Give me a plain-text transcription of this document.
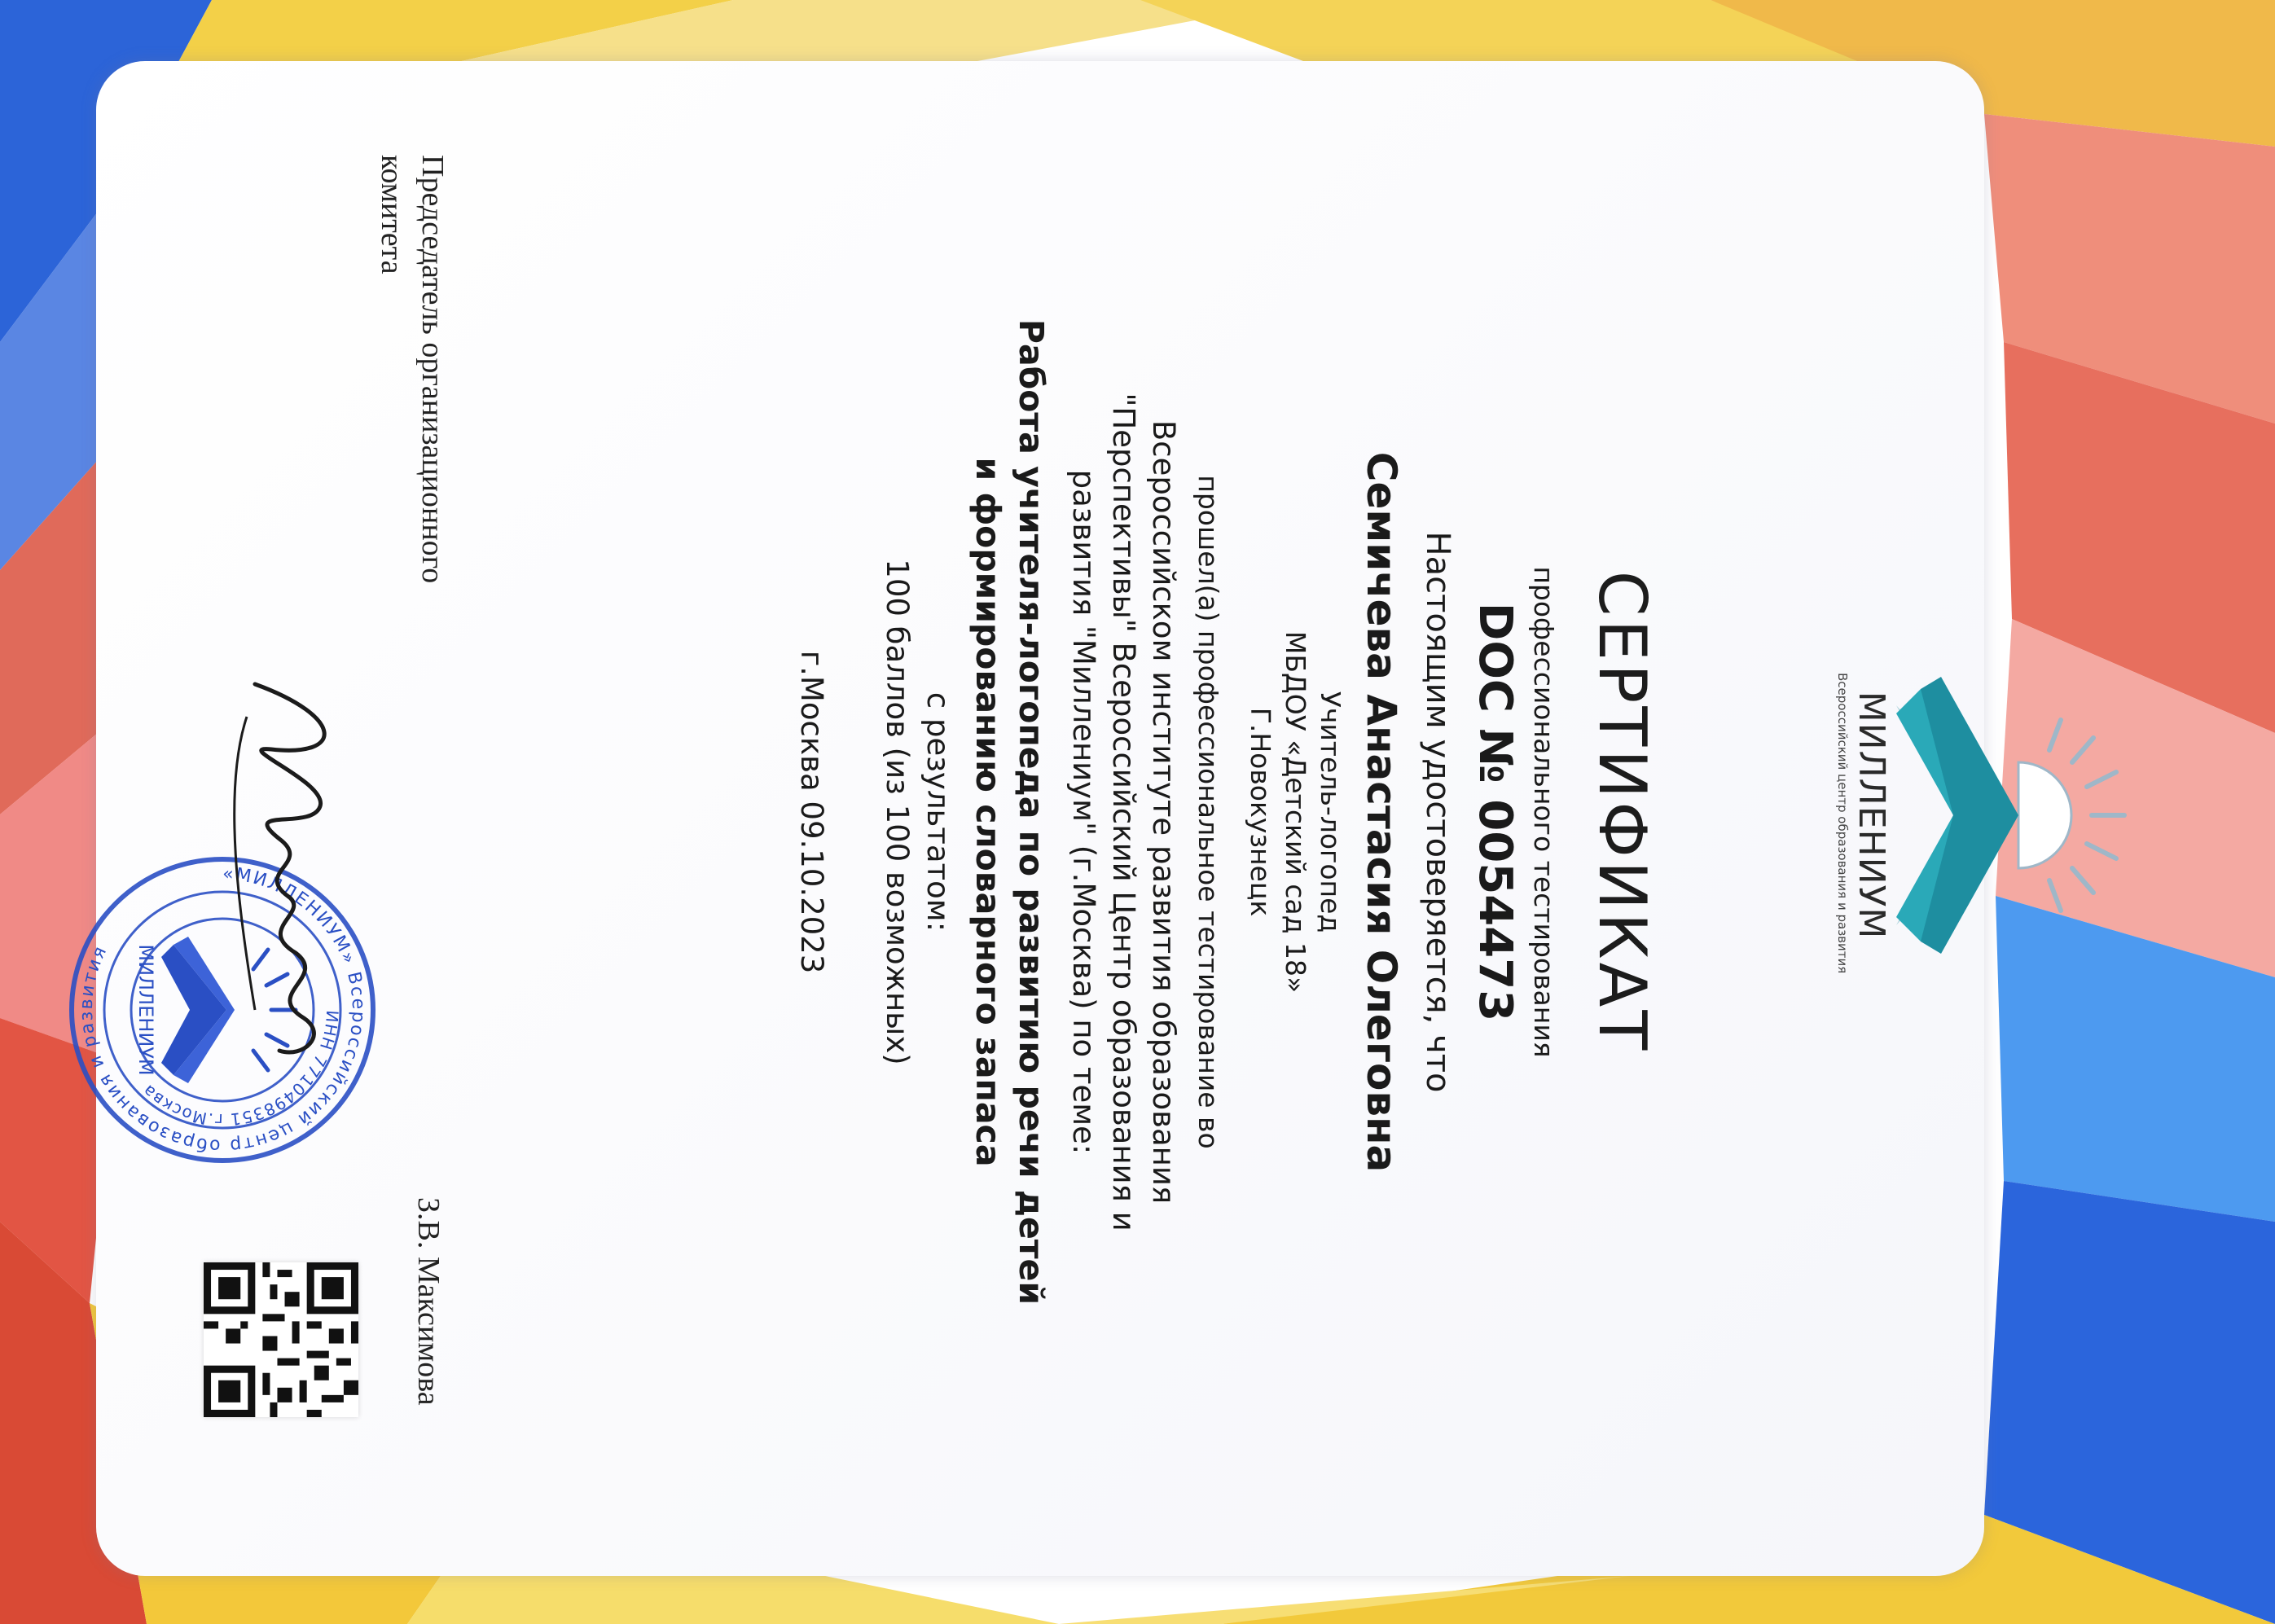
МИЛЛЕНИУМ
Всероссийский центр образования и развития
СЕРТИФИКАТ
профессионального тестирования
DOC № 0054473
Настоящим удостоверяется, что
Семичева Анастасия Олеговна
Учитель-логопед
МБДОУ «Детский сад 18»
Г.Новокузнецк
прошел(а) профессиональное тестирование во
Всероссийском институте развития образования
"Перспективы" Всероссийский Центр образования и
развития "Миллениум" (г.Москва) по теме:
Работа учителя-логопеда по развитию речи детей
и формированию словарного запаса
с результатом:
100 баллов (из 100 возможных)
г.Москва 09.10.2023
Председатель организационного
комитета
З.В. Максимова
«МИЛЛЕНИУМ» Всероссийский центр образования и развития
ИНН 7710498351 г.Москва
МИЛЛЕНИУМ
